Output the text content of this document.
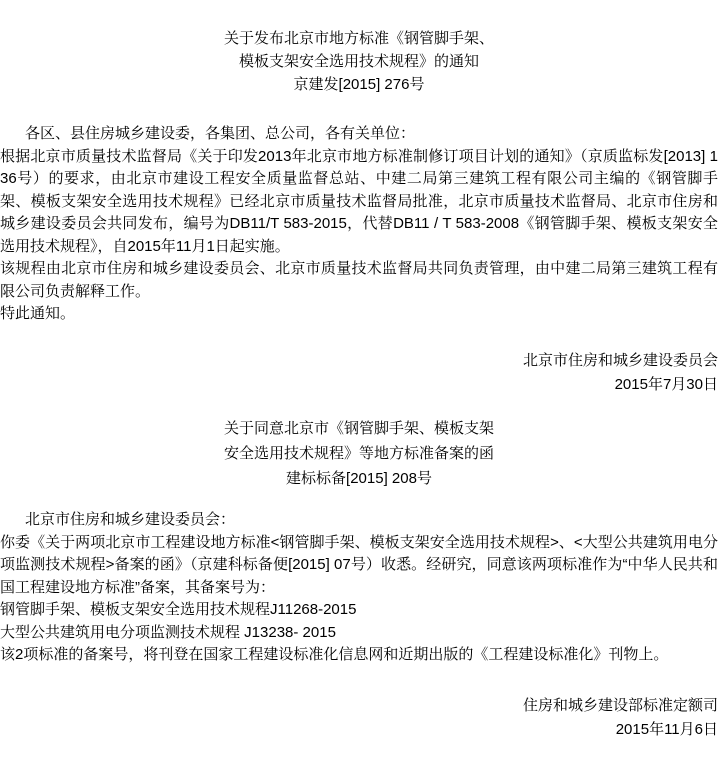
关于发布北京市地方标准《钢管脚手架、
模板支架安全选用技术规程》的通知
京建发[2015] 276号

各区、县住房城乡建设委，各集团、总公司，各有关单位：

根据北京市质量技术监督局《关于印发2013年北京市地方标准制修订项目计划的通知》（京质监标发[2013] 136号）的要求，由北京市建设工程安全质量监督总站、中建二局第三建筑工程有限公司主编的《钢管脚手架、模板支架安全选用技术规程》已经北京市质量技术监督局批准，北京市质量技术监督局、北京市住房和城乡建设委员会共同发布，编号为DB11/T 583-2015，代替DB11 / T 583-2008《钢管脚手架、模板支架安全选用技术规程》，自2015年11月1日起实施。

该规程由北京市住房和城乡建设委员会、北京市质量技术监督局共同负责管理，由中建二局第三建筑工程有限公司负责解释工作。

特此通知。

北京市住房和城乡建设委员会
2015年7月30日
关于同意北京市《钢管脚手架、模板支架
安全选用技术规程》等地方标准备案的函
建标标备[2015] 208号

北京市住房和城乡建设委员会：

你委《关于两项北京市工程建设地方标准<钢管脚手架、模板支架安全选用技术规程>、<大型公共建筑用电分项监测技术规程>备案的函》（京建科标备便[2015] 07号）收悉。经研究，同意该两项标准作为“中华人民共和国工程建设地方标准”备案，其备案号为：

钢管脚手架、模板支架安全选用技术规程J11268-2015

大型公共建筑用电分项监测技术规程 J13238- 2015

该2项标准的备案号，将刊登在国家工程建设标准化信息网和近期出版的《工程建设标准化》刊物上。

住房和城乡建设部标准定额司
2015年11月6日
